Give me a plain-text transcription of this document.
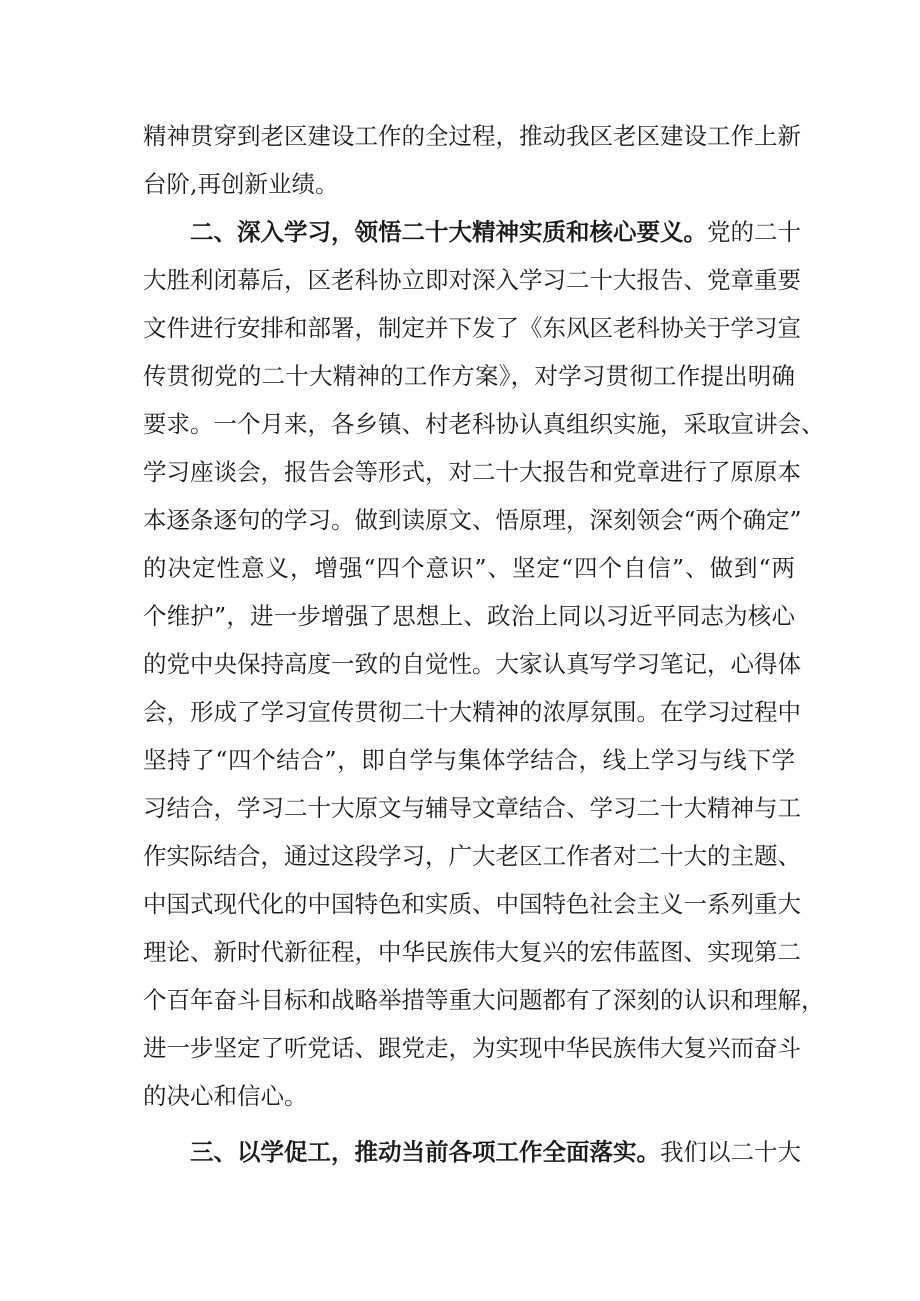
精神贯穿到老区建设工作的全过程，推动我区老区建设工作上新
台阶,再创新业绩。
二、深入学习，领悟二十大精神实质和核心要义。党的二十
大胜利闭幕后，区老科协立即对深入学习二十大报告、党章重要
文件进行安排和部署，制定并下发了《东风区老科协关于学习宣
传贯彻党的二十大精神的工作方案》，对学习贯彻工作提出明确
要求。一个月来，各乡镇、村老科协认真组织实施，采取宣讲会、
学习座谈会，报告会等形式，对二十大报告和党章进行了原原本
本逐条逐句的学习。做到读原文、悟原理，深刻领会“两个确定”
的决定性意义，增强“四个意识”、坚定“四个自信”、做到“两
个维护”，进一步增强了思想上、政治上同以习近平同志为核心
的党中央保持高度一致的自觉性。大家认真写学习笔记，心得体
会，形成了学习宣传贯彻二十大精神的浓厚氛围。在学习过程中
坚持了“四个结合”，即自学与集体学结合，线上学习与线下学
习结合，学习二十大原文与辅导文章结合、学习二十大精神与工
作实际结合，通过这段学习，广大老区工作者对二十大的主题、
中国式现代化的中国特色和实质、中国特色社会主义一系列重大
理论、新时代新征程，中华民族伟大复兴的宏伟蓝图、实现第二
个百年奋斗目标和战略举措等重大问题都有了深刻的认识和理解，
进一步坚定了听党话、跟党走，为实现中华民族伟大复兴而奋斗
的决心和信心。
三、以学促工，推动当前各项工作全面落实。我们以二十大
